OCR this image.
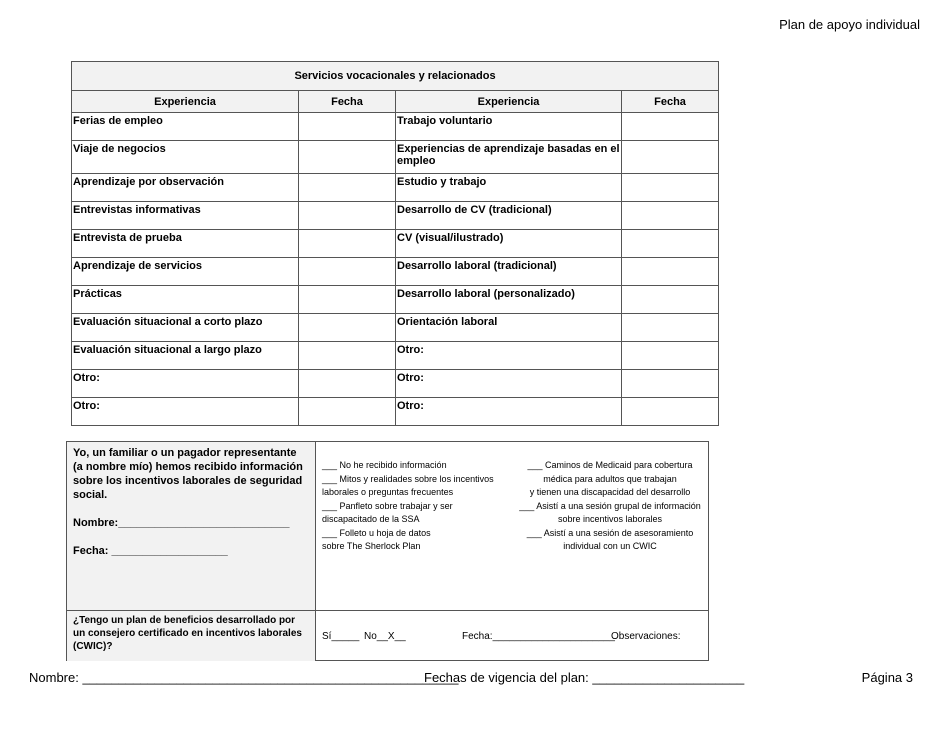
Plan de apoyo individual
Servicios vocacionales y relacionados			
Experiencia	Fecha	Experiencia	Fecha
Ferias de empleo		Trabajo voluntario	
Viaje de negocios		Experiencias de aprendizaje basadas en el empleo	
Aprendizaje por observación		Estudio y trabajo	
Entrevistas informativas		Desarrollo de CV (tradicional)	
Entrevista de prueba		CV (visual/ilustrado)	
Aprendizaje de servicios		Desarrollo laboral (tradicional)	
Prácticas		Desarrollo laboral (personalizado)	
Evaluación situacional a corto plazo		Orientación laboral	
Evaluación situacional a largo plazo		Otro:	
Otro:		Otro:	
Otro:		Otro:	
Yo, un familiar o un pagador representante (a nombre mío) hemos recibido información sobre los incentivos laborales de seguridad social.
Nombre:____________________________
Fecha: ___________________
___ No he recibido información
___ Mitos y realidades sobre los incentivos
laborales o preguntas frecuentes
___ Panfleto sobre trabajar y ser
discapacitado de la SSA
___ Folleto u hoja de datos
sobre The Sherlock Plan
___ Caminos de Medicaid para cobertura
médica para adultos que trabajan
y tienen una discapacidad del desarrollo
___ Asistí a una sesión grupal de información
sobre incentivos laborales
___ Asistí a una sesión de asesoramiento
individual con un CWIC
¿Tengo un plan de beneficios desarrollado por un consejero certificado en incentivos laborales (CWIC)?
Sí_____ No__X__	Fecha:______________________
Observaciones:
Nombre: ____________________________________________________
Fechas de vigencia del plan: _____________________	Página 3
